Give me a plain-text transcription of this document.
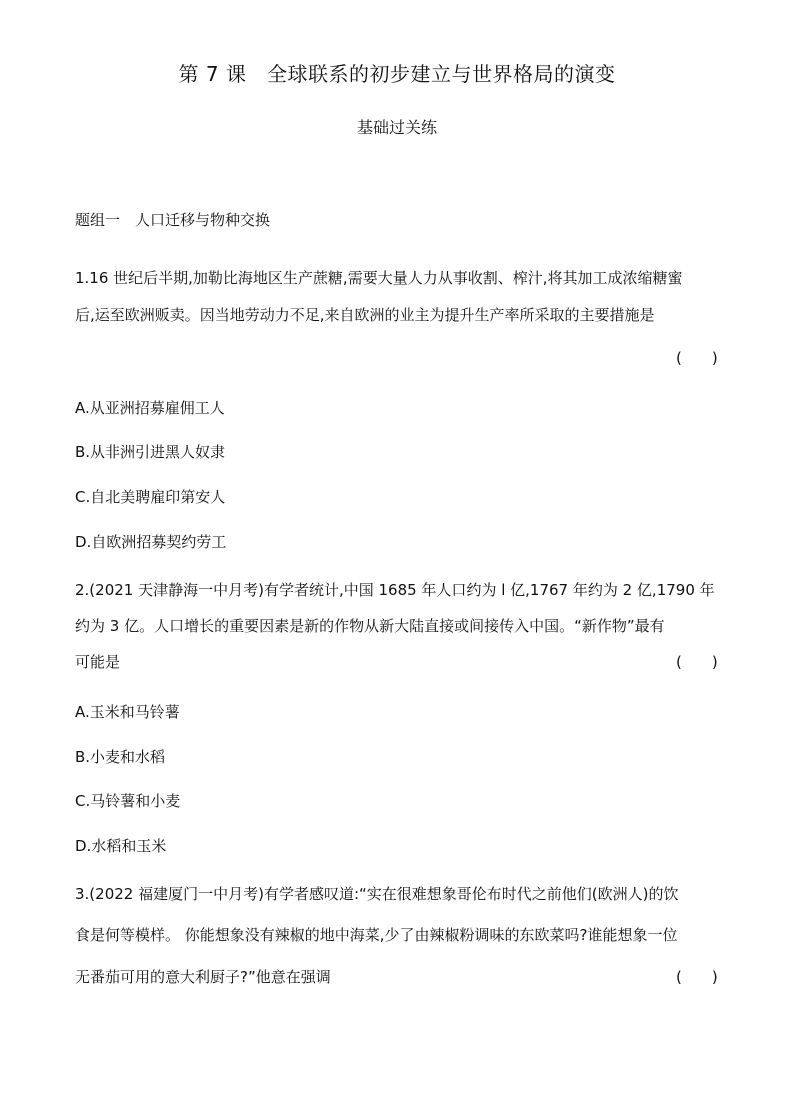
第 7 课　全球联系的初步建立与世界格局的演变
基础过关练
题组一　人口迁移与物种交换
1.16 世纪后半期,加勒比海地区生产蔗糖,需要大量人力从事收割、榨汁,将其加工成浓缩糖蜜
后,运至欧洲贩卖。因当地劳动力不足,来自欧洲的业主为提升生产率所采取的主要措施是
(　　)
A.从亚洲招募雇佣工人
B.从非洲引进黑人奴隶
C.自北美聘雇印第安人
D.自欧洲招募契约劳工
2.(2021 天津静海一中月考)有学者统计,中国 1685 年人口约为 l 亿,1767 年约为 2 亿,1790 年
约为 3 亿。人口增长的重要因素是新的作物从新大陆直接或间接传入中国。“新作物”最有
可能是	(　　)
A.玉米和马铃薯
B.小麦和水稻
C.马铃薯和小麦
D.水稻和玉米
3.(2022 福建厦门一中月考)有学者感叹道:“实在很难想象哥伦布时代之前他们(欧洲人)的饮
食是何等模样。 你能想象没有辣椒的地中海菜,少了由辣椒粉调味的东欧菜吗?谁能想象一位
无番茄可用的意大利厨子?”他意在强调	(　　)
